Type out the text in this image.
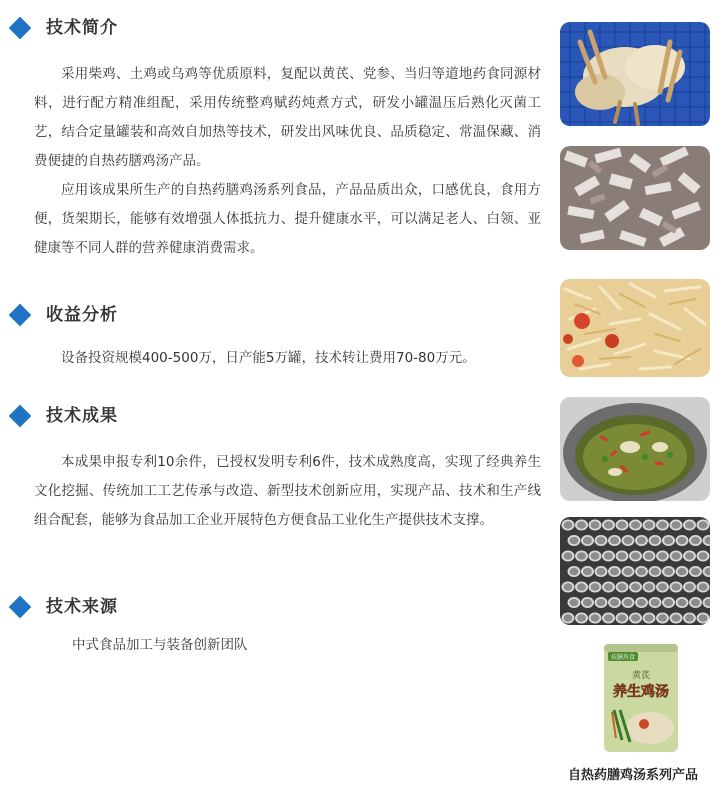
技术简介

采用柴鸡、土鸡或乌鸡等优质原料，复配以黄芪、党参、当归等道地药食同源材料，进行配方精准组配，采用传统整鸡赋药炖煮方式，研发小罐温压后熟化灭菌工艺，结合定量罐装和高效自加热等技术，研发出风味优良、品质稳定、常温保藏、消费便捷的自热药膳鸡汤产品。

应用该成果所生产的自热药膳鸡汤系列食品，产品品质出众，口感优良，食用方便，货架期长，能够有效增强人体抵抗力、提升健康水平，可以满足老人、白领、亚健康等不同人群的营养健康消费需求。

收益分析

设备投资规模400-500万，日产能5万罐，技术转让费用70-80万元。

技术成果

本成果申报专利10余件，已授权发明专利6件，技术成熟度高，实现了经典养生文化挖掘、传统加工工艺传承与改造、新型技术创新应用，实现产品、技术和生产线组合配套，能够为食品加工企业开展特色方便食品工业化生产提供技术支撑。

技术来源

中式食品加工与装备创新团队

扶膳坊食
黄芪
养生鸡汤
自热药膳鸡汤系列产品
